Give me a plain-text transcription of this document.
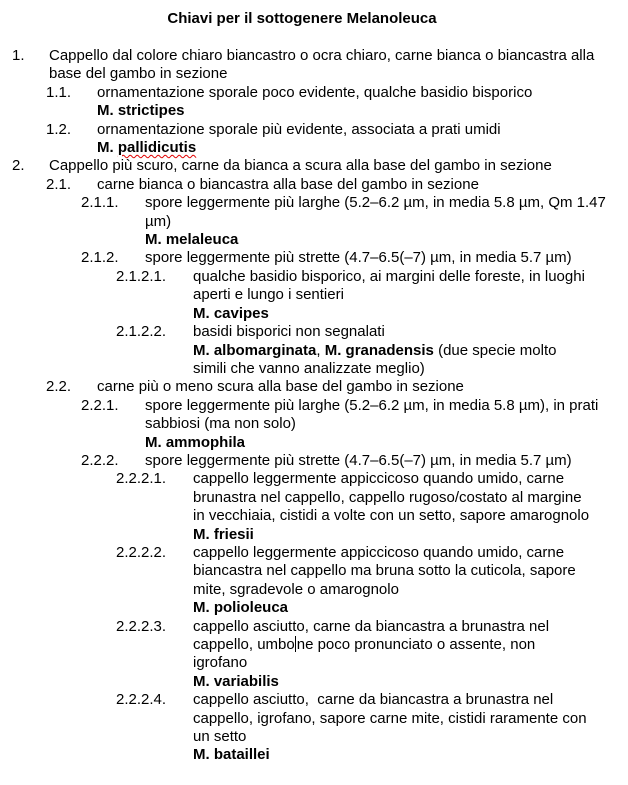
Chiavi per il sottogenere Melanoleuca
1. Cappello dal colore chiaro biancastro o ocra chiaro, carne bianca o biancastra alla base del gambo in sezione
1.1. ornamentazione sporale poco evidente, qualche basidio bisporico
M. strictipes
1.2. ornamentazione sporale più evidente, associata a prati umidi
M. pallidicutis
2. Cappello più scuro, carne da bianca a scura alla base del gambo in sezione
2.1. carne bianca o biancastra alla base del gambo in sezione
2.1.1. spore leggermente più larghe (5.2–6.2 µm, in media 5.8 µm, Qm 1.47 µm)
M. melaleuca
2.1.2. spore leggermente più strette (4.7–6.5(–7) µm, in media 5.7 µm)
2.1.2.1. qualche basidio bisporico, ai margini delle foreste, in luoghi aperti e lungo i sentieri
M. cavipes
2.1.2.2. basidi bisporici non segnalati
M. albomarginata, M. granadensis (due specie molto simili che vanno analizzate meglio)
2.2. carne più o meno scura alla base del gambo in sezione
2.2.1. spore leggermente più larghe (5.2–6.2 µm, in media 5.8 µm), in prati sabbiosi (ma non solo)
M. ammophila
2.2.2. spore leggermente più strette (4.7–6.5(–7) µm, in media 5.7 µm)
2.2.2.1. cappello leggermente appiccicoso quando umido, carne brunastra nel cappello, cappello rugoso/costato al margine in vecchiaia, cistidi a volte con un setto, sapore amarognolo
M. friesii
2.2.2.2. cappello leggermente appiccicoso quando umido, carne biancastra nel cappello ma bruna sotto la cuticola, sapore mite, sgradevole o amarognolo
M. polioleuca
2.2.2.3. cappello asciutto, carne da biancastra a brunastra nel cappello, umbo ne poco pronunciato o assente, non igrofano
M. variabilis
2.2.2.4. cappello asciutto,  carne da biancastra a brunastra nel cappello, igrofano, sapore carne mite, cistidi raramente con un setto
M. bataillei
